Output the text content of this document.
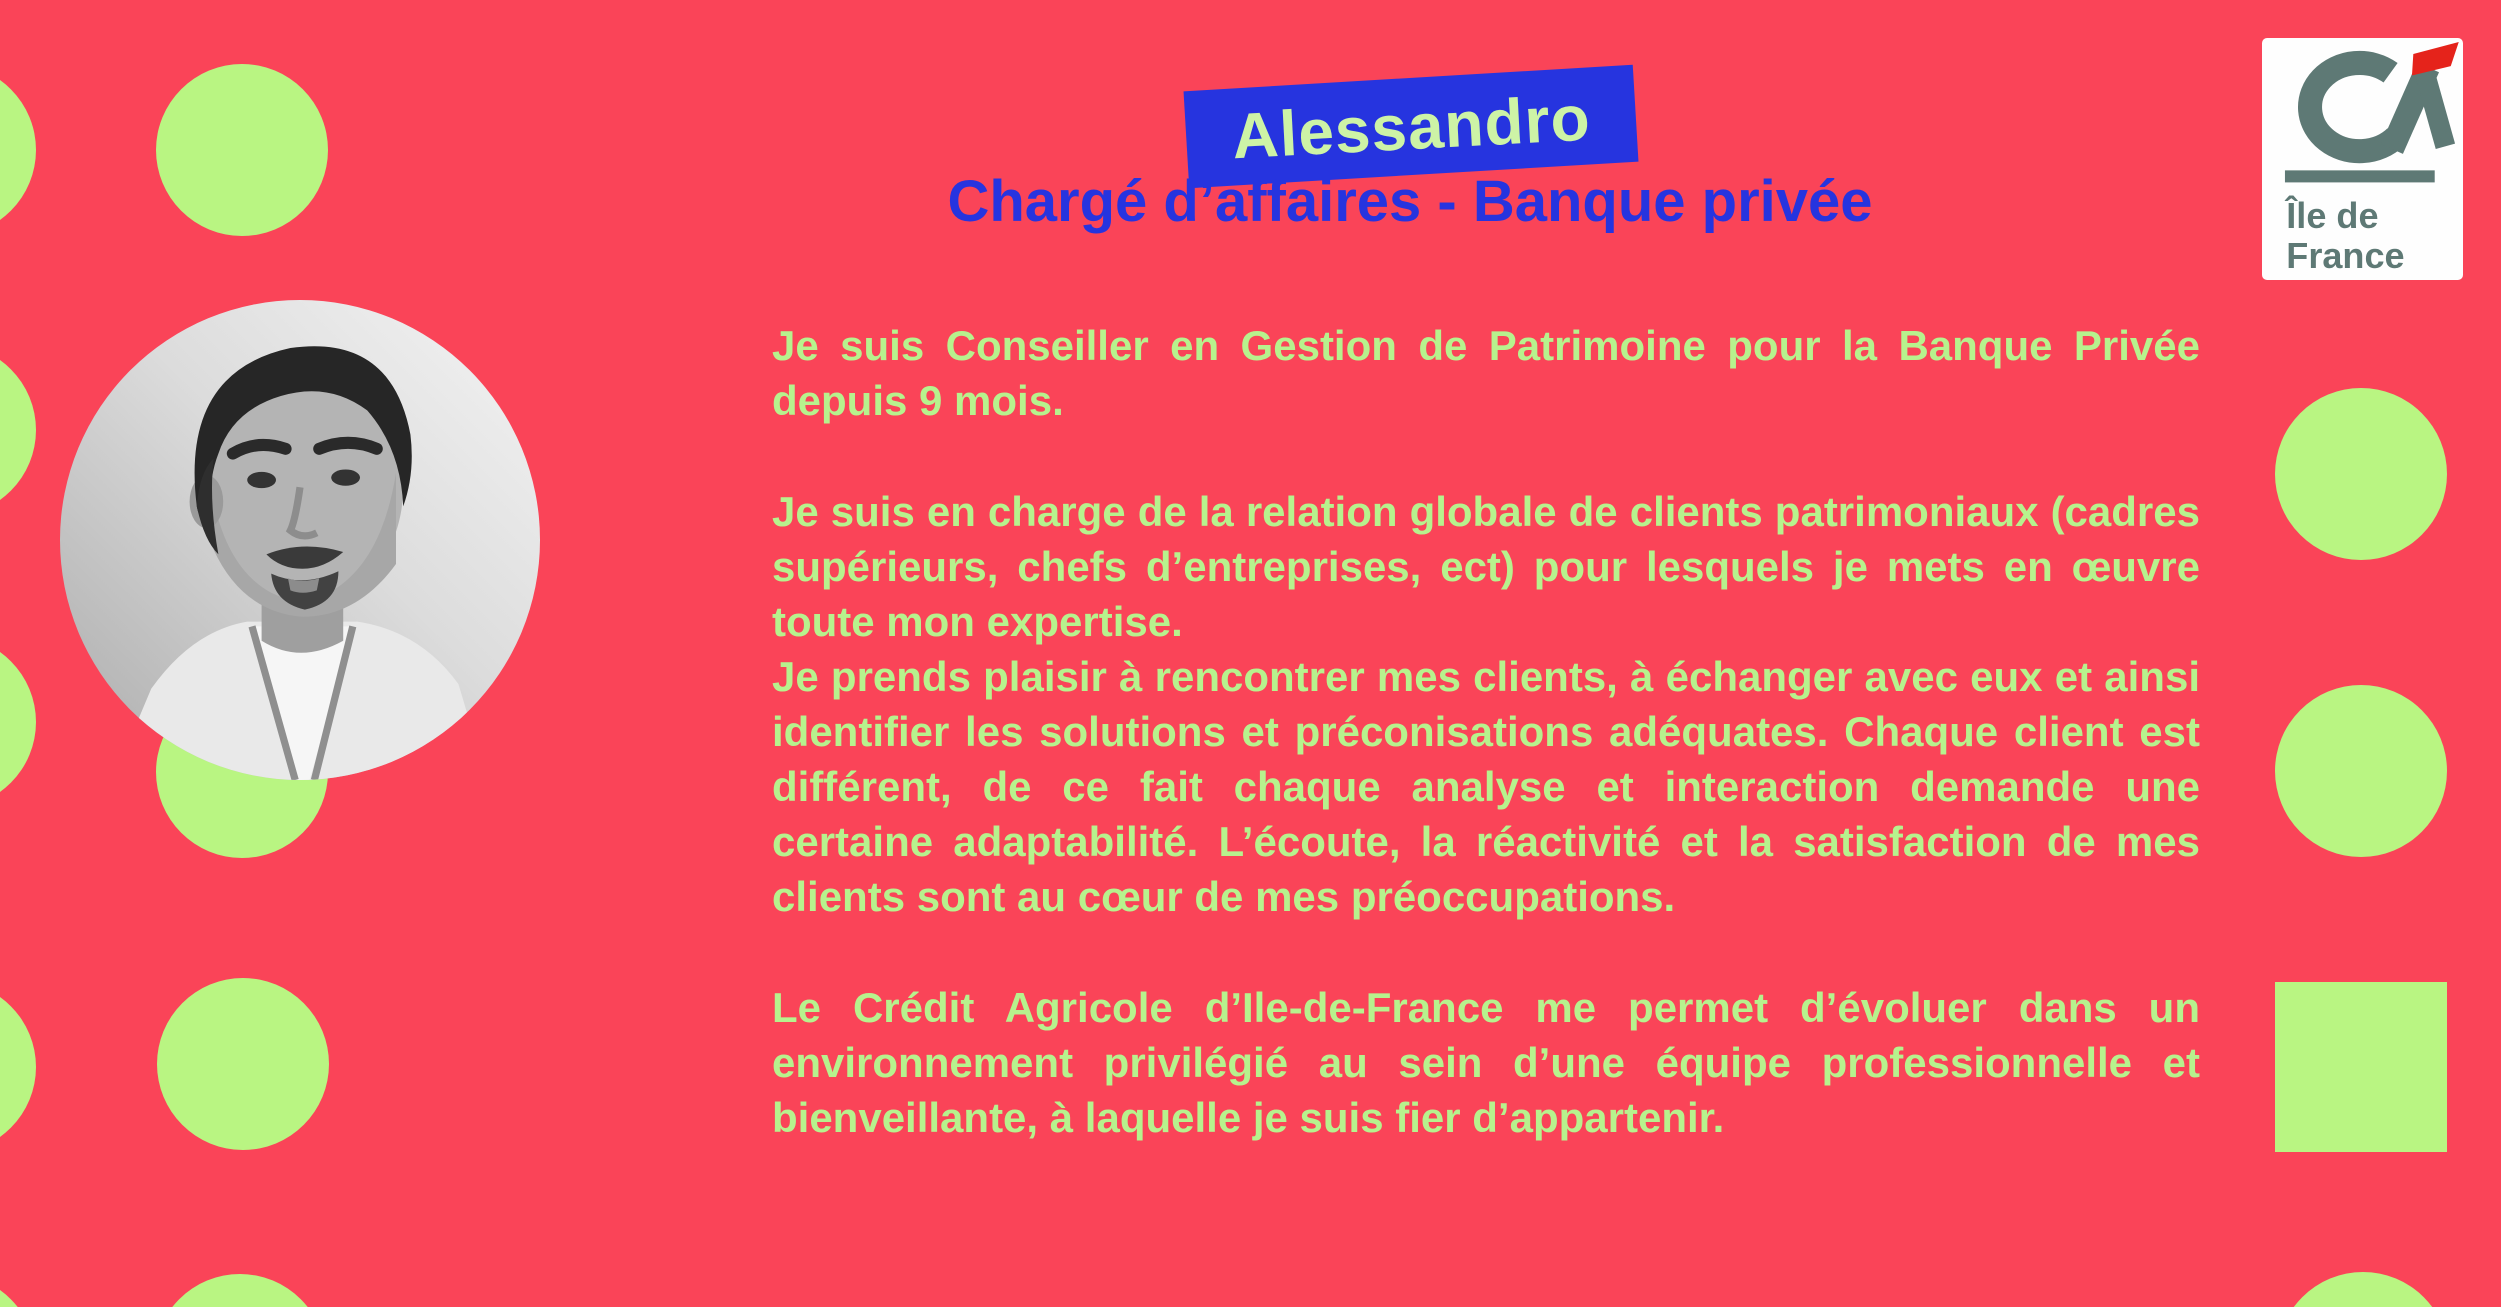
Alessandro
Chargé d’affaires - Banque privée

Je suis Conseiller en Gestion de Patrimoine pour la Banque Privée depuis 9 mois.

Je suis en charge de la relation globale de clients patrimoniaux (cadres supérieurs, chefs d’entreprises, ect) pour lesquels je mets en œuvre toute mon expertise.

Je prends plaisir à rencontrer mes clients, à échanger avec eux et ainsi identifier les solutions et préconisations adéquates. Chaque client est différent, de ce fait chaque analyse et interaction demande une certaine adaptabilité. L’écoute, la réactivité et la satisfaction de mes clients sont au cœur de mes préoccupations.

Le Crédit Agricole d’Ile-de-France me permet d’évoluer dans un environnement privilégié au sein d’une équipe professionnelle et bienveillante, à laquelle je suis fier d’appartenir.

Île de
France
